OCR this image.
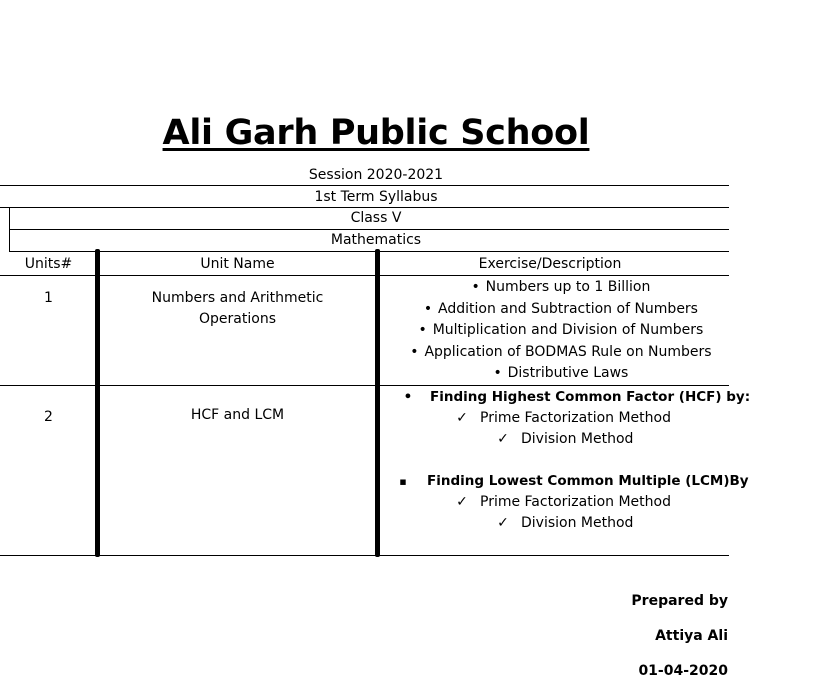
Ali Garh Public School
Session 2020-2021
1st Term Syllabus
Class V
Mathematics
Units#	Unit Name	Exercise/Description
1	Numbers and Arithmetic
Operations
• Numbers up to 1 Billion
• Addition and Subtraction of Numbers
• Multiplication and Division of Numbers
• Application of BODMAS Rule on Numbers
• Distributive Laws
2	HCF and LCM
• Finding Highest Common Factor (HCF) by:
✓ Prime Factorization Method
✓ Division Method
▪ Finding Lowest Common Multiple (LCM)By
✓ Prime Factorization Method
✓ Division Method
Prepared by
Attiya Ali
01-04-2020
